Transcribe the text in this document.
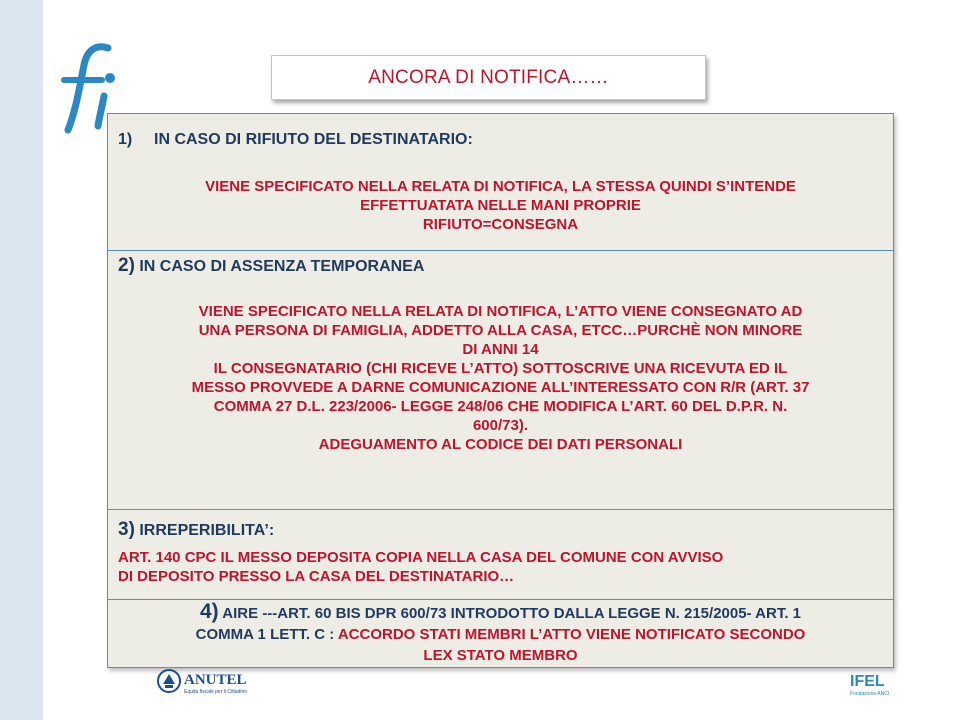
ANCORA DI NOTIFICA……
1) IN CASO DI RIFIUTO DEL DESTINATARIO:
VIENE SPECIFICATO NELLA RELATA DI NOTIFICA, LA STESSA QUINDI S’INTENDE
EFFETTUATATA NELLE MANI PROPRIE
RIFIUTO=CONSEGNA
2) IN CASO DI ASSENZA TEMPORANEA
VIENE SPECIFICATO NELLA RELATA DI NOTIFICA, L’ATTO VIENE CONSEGNATO AD
UNA PERSONA DI FAMIGLIA, ADDETTO ALLA CASA, ETCC…PURCHÈ NON MINORE
DI ANNI 14
IL CONSEGNATARIO (CHI RICEVE L’ATTO) SOTTOSCRIVE UNA RICEVUTA ED IL
MESSO PROVVEDE A DARNE COMUNICAZIONE ALL’INTERESSATO CON R/R (ART. 37
COMMA 27 D.L. 223/2006- LEGGE 248/06 CHE MODIFICA L’ART. 60 DEL D.P.R. N.
600/73).
ADEGUAMENTO AL CODICE DEI DATI PERSONALI
3) IRREPERIBILITA’:
ART. 140 CPC IL MESSO DEPOSITA COPIA NELLA CASA DEL COMUNE CON AVVISO
DI DEPOSITO PRESSO LA CASA DEL DESTINATARIO…
4) AIRE ---ART. 60 BIS DPR 600/73 INTRODOTTO DALLA LEGGE N. 215/2005- ART. 1
COMMA 1 LETT. C : ACCORDO STATI MEMBRI L’ATTO VIENE NOTIFICATO SECONDO
LEX STATO MEMBRO
ANUTEL
Equità fiscale per il Cittadino
IFEL
Fondazione ANCI
